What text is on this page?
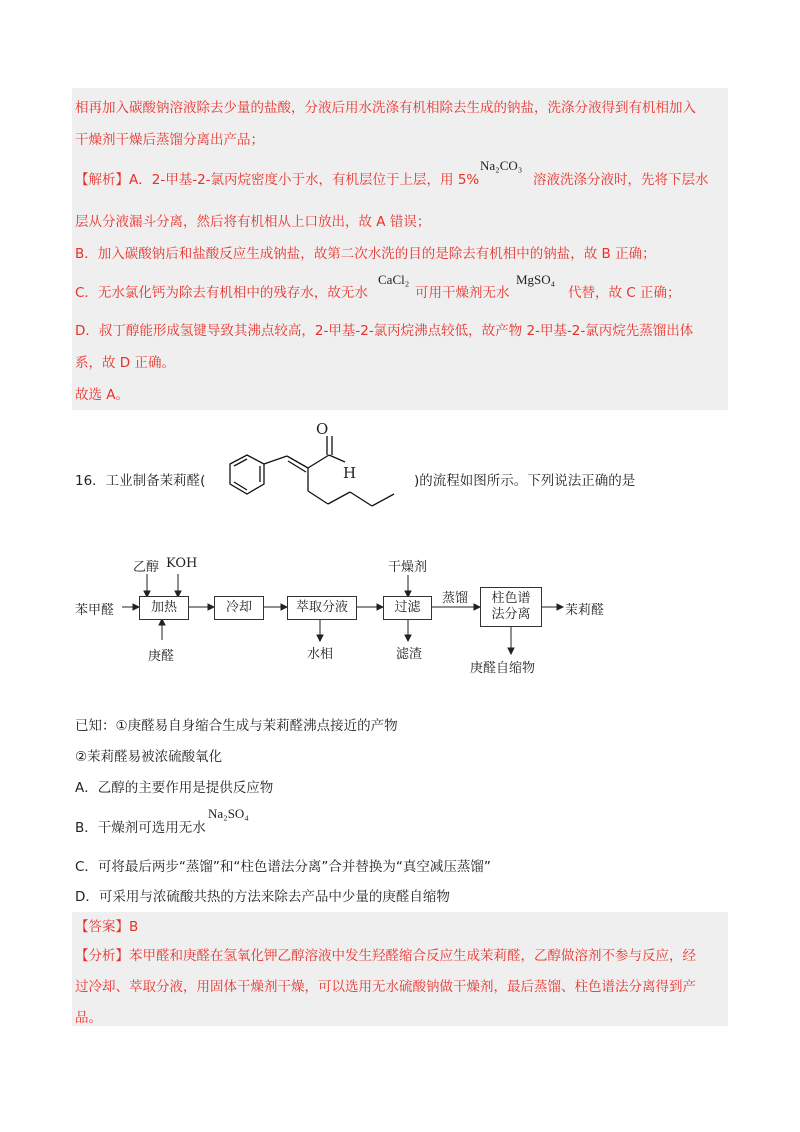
相再加入碳酸钠溶液除去少量的盐酸，分液后用水洗涤有机相除去生成的钠盐，洗涤分液得到有机相加入
干燥剂干燥后蒸馏分离出产品；
【解析】A．2-甲基-2-氯丙烷密度小于水，有机层位于上层，用 5%
Na₂CO₃
溶液洗涤分液时，先将下层水
层从分液漏斗分离，然后将有机相从上口放出，故 A 错误；
B．加入碳酸钠后和盐酸反应生成钠盐，故第二次水洗的目的是除去有机相中的钠盐，故 B 正确；
C．无水氯化钙为除去有机相中的残存水，故无水
CaCl₂
可用干燥剂无水
MgSO₄
代替，故 C 正确；
D．叔丁醇能形成氢键导致其沸点较高，2-甲基-2-氯丙烷沸点较低，故产物 2-甲基-2-氯丙烷先蒸馏出体
系，故 D 正确。
故选 A。
16．工业制备茉莉醛(	)的流程如图所示。下列说法正确的是
O
H
乙醇 KOH
苯甲醛	加热
庚醛
冷却	萃取分液
水相
干燥剂
过滤
滤渣
蒸馏 柱色谱
法分离	茉莉醛
庚醛自缩物
已知：①庚醛易自身缩合生成与茉莉醛沸点接近的产物
②茉莉醛易被浓硫酸氧化
A．乙醇的主要作用是提供反应物
B．干燥剂可选用无水
Na₂SO₄
C．可将最后两步“蒸馏”和“柱色谱法分离”合并替换为“真空减压蒸馏”
D．可采用与浓硫酸共热的方法来除去产品中少量的庚醛自缩物
【答案】B
【分析】苯甲醛和庚醛在氢氧化钾乙醇溶液中发生羟醛缩合反应生成茉莉醛，乙醇做溶剂不参与反应，经
过冷却、萃取分液，用固体干燥剂干燥，可以选用无水硫酸钠做干燥剂，最后蒸馏、柱色谱法分离得到产
品。
